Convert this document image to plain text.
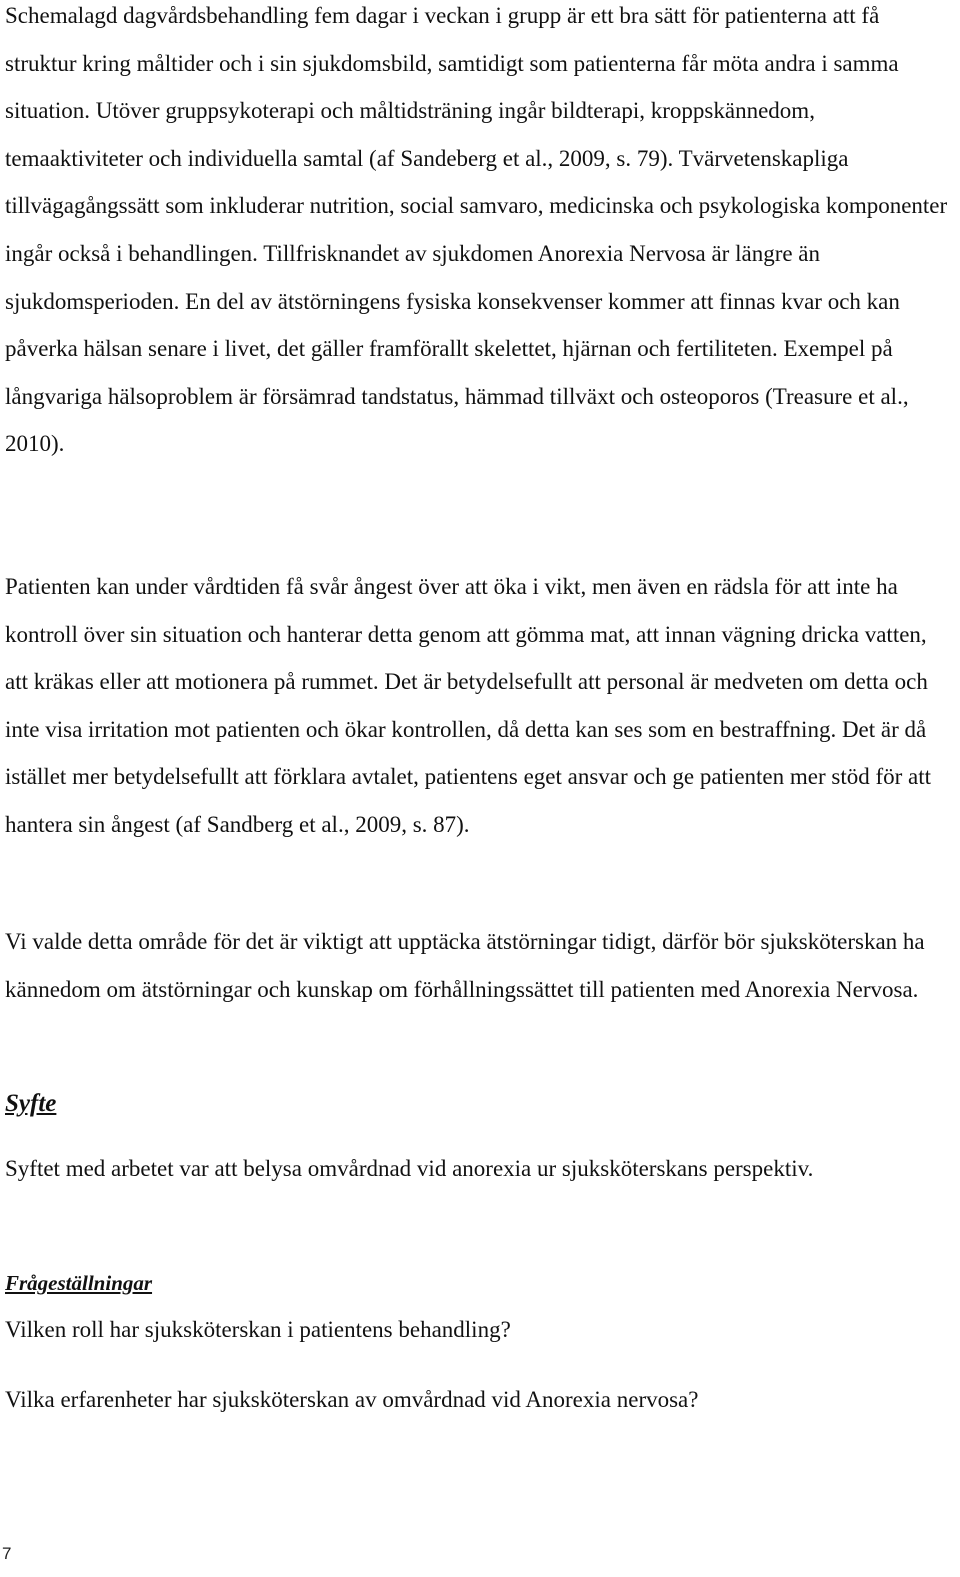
Schemalagd dagvårdsbehandling fem dagar i veckan i grupp är ett bra sätt för patienterna att få struktur kring måltider och i sin sjukdomsbild, samtidigt som patienterna får möta andra i samma situation. Utöver gruppsykoterapi och måltidsträning ingår bildterapi, kroppskännedom, temaaktiviteter och individuella samtal (af Sandeberg et al., 2009, s. 79). Tvärvetenskapliga tillvägagångssätt som inkluderar nutrition, social samvaro, medicinska och psykologiska komponenter ingår också i behandlingen. Tillfrisknandet av sjukdomen Anorexia Nervosa är längre än sjukdomsperioden. En del av ätstörningens fysiska konsekvenser kommer att finnas kvar och kan påverka hälsan senare i livet, det gäller framförallt skelettet, hjärnan och fertiliteten. Exempel på långvariga hälsoproblem är försämrad tandstatus, hämmad tillväxt och osteoporos (Treasure et al., 2010).

Patienten kan under vårdtiden få svår ångest över att öka i vikt, men även en rädsla för att inte ha kontroll över sin situation och hanterar detta genom att gömma mat, att innan vägning dricka vatten, att kräkas eller att motionera på rummet. Det är betydelsefullt att personal är medveten om detta och inte visa irritation mot patienten och ökar kontrollen, då detta kan ses som en bestraffning. Det är då istället mer betydelsefullt att förklara avtalet, patientens eget ansvar och ge patienten mer stöd för att hantera sin ångest (af Sandberg et al., 2009, s. 87).

Vi valde detta område för det är viktigt att upptäcka ätstörningar tidigt, därför bör sjuksköterskan ha kännedom om ätstörningar och kunskap om förhållningssättet till patienten med Anorexia Nervosa.

Syfte

Syftet med arbetet var att belysa omvårdnad vid anorexia ur sjuksköterskans perspektiv.

Frågeställningar

Vilken roll har sjuksköterskan i patientens behandling?

Vilka erfarenheter har sjuksköterskan av omvårdnad vid Anorexia nervosa?

7
